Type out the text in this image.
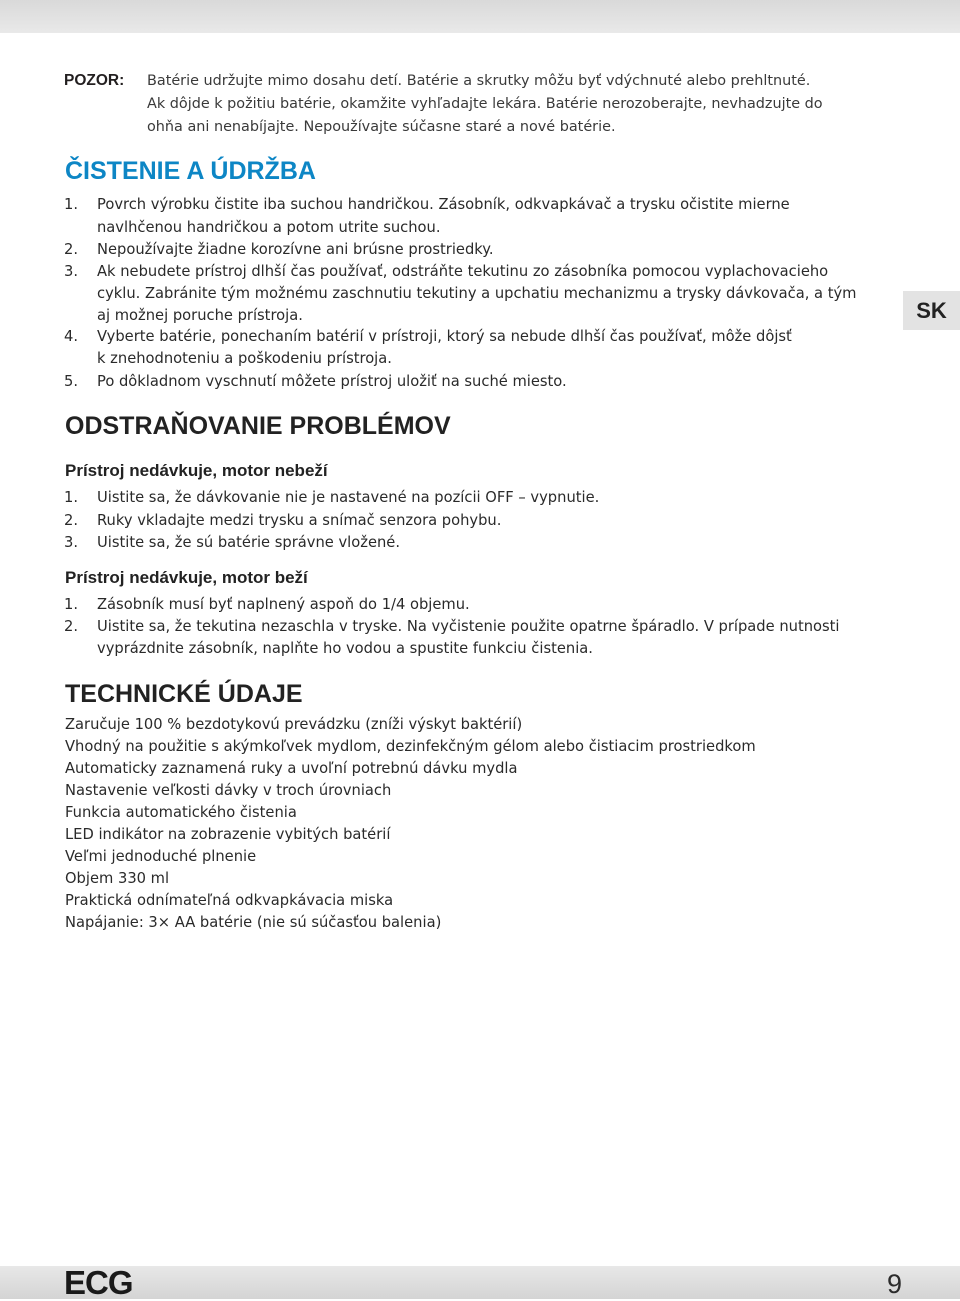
POZOR: Batérie udržujte mimo dosahu detí. Batérie a skrutky môžu byť vdýchnuté alebo prehltnuté.
Ak dôjde k požitiu batérie, okamžite vyhľadajte lekára. Batérie nerozoberajte, nevhadzujte do
ohňa ani nenabíjajte. Nepoužívajte súčasne staré a nové batérie.
ČISTENIE A ÚDRŽBA
1. Povrch výrobku čistite iba suchou handričkou. Zásobník, odkvapkávač a trysku očistite mierne
navlhčenou handričkou a potom utrite suchou.
2. Nepoužívajte žiadne korozívne ani brúsne prostriedky.
3. Ak nebudete prístroj dlhší čas používať, odstráňte tekutinu zo zásobníka pomocou vyplachovacieho
cyklu. Zabránite tým možnému zaschnutiu tekutiny a upchatiu mechanizmu a trysky dávkovača, a tým
aj možnej poruche prístroja.
4. Vyberte batérie, ponechaním batérií v prístroji, ktorý sa nebude dlhší čas používať, môže dôjsť
k znehodnoteniu a poškodeniu prístroja.
5. Po dôkladnom vyschnutí môžete prístroj uložiť na suché miesto.
ODSTRAŇOVANIE PROBLÉMOV
Prístroj nedávkuje, motor nebeží
1. Uistite sa, že dávkovanie nie je nastavené na pozícii OFF – vypnutie.
2. Ruky vkladajte medzi trysku a snímač senzora pohybu.
3. Uistite sa, že sú batérie správne vložené.
Prístroj nedávkuje, motor beží
1. Zásobník musí byť naplnený aspoň do 1/4 objemu.
2. Uistite sa, že tekutina nezaschla v tryske. Na vyčistenie použite opatrne špáradlo. V prípade nutnosti
vyprázdnite zásobník, naplňte ho vodou a spustite funkciu čistenia.
TECHNICKÉ ÚDAJE
Zaručuje 100 % bezdotykovú prevádzku (zníži výskyt baktérií)
Vhodný na použitie s akýmkoľvek mydlom, dezinfekčným gélom alebo čistiacim prostriedkom
Automaticky zaznamená ruky a uvoľní potrebnú dávku mydla
Nastavenie veľkosti dávky v troch úrovniach
Funkcia automatického čistenia
LED indikátor na zobrazenie vybitých batérií
Veľmi jednoduché plnenie
Objem 330 ml
Praktická odnímateľná odkvapkávacia miska
Napájanie: 3× AA batérie (nie sú súčasťou balenia)
SK
ECG	9
